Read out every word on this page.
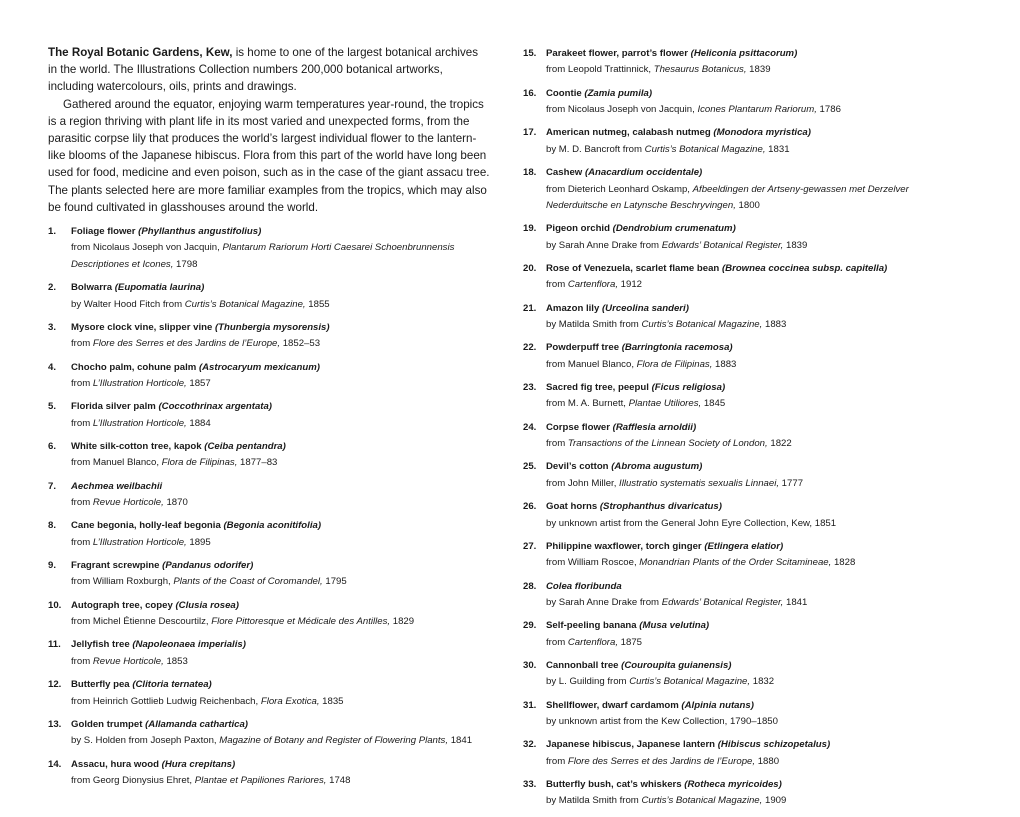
The Royal Botanic Gardens, Kew, is home to one of the largest botanical archives in the world. The Illustrations Collection numbers 200,000 botanical artworks, including watercolours, oils, prints and drawings.

Gathered around the equator, enjoying warm temperatures year-round, the tropics is a region thriving with plant life in its most varied and unexpected forms, from the parasitic corpse lily that produces the world’s largest individual flower to the lantern-like blooms of the Japanese hibiscus. Flora from this part of the world have long been used for food, medicine and even poison, such as in the case of the giant assacu tree. The plants selected here are more familiar examples from the tropics, which may also be found cultivated in glasshouses around the world.

1. Foliage flower (Phyllanthus angustifolius)
from Nicolaus Joseph von Jacquin, Plantarum Rariorum Horti Caesarei Schoenbrunnensis Descriptiones et Icones, 1798
2. Bolwarra (Eupomatia laurina)
by Walter Hood Fitch from Curtis’s Botanical Magazine, 1855
3. Mysore clock vine, slipper vine (Thunbergia mysorensis)
from Flore des Serres et des Jardins de l’Europe, 1852–53
4. Chocho palm, cohune palm (Astrocaryum mexicanum)
from L’Illustration Horticole, 1857
5. Florida silver palm (Coccothrinax argentata)
from L’Illustration Horticole, 1884
6. White silk-cotton tree, kapok (Ceiba pentandra)
from Manuel Blanco, Flora de Filipinas, 1877–83
7. Aechmea weilbachii
from Revue Horticole, 1870
8. Cane begonia, holly-leaf begonia (Begonia aconitifolia)
from L’Illustration Horticole, 1895
9. Fragrant screwpine (Pandanus odorifer)
from William Roxburgh, Plants of the Coast of Coromandel, 1795
10. Autograph tree, copey (Clusia rosea)
from Michel Étienne Descourtilz, Flore Pittoresque et Médicale des Antilles, 1829
11. Jellyfish tree (Napoleonaea imperialis)
from Revue Horticole, 1853
12. Butterfly pea (Clitoria ternatea)
from Heinrich Gottlieb Ludwig Reichenbach, Flora Exotica, 1835
13. Golden trumpet (Allamanda cathartica)
by S. Holden from Joseph Paxton, Magazine of Botany and Register of Flowering Plants, 1841
14. Assacu, hura wood (Hura crepitans)
from Georg Dionysius Ehret, Plantae et Papiliones Rariores, 1748
15. Parakeet flower, parrot’s flower (Heliconia psittacorum)
from Leopold Trattinnick, Thesaurus Botanicus, 1839
16. Coontie (Zamia pumila)
from Nicolaus Joseph von Jacquin, Icones Plantarum Rariorum, 1786
17. American nutmeg, calabash nutmeg (Monodora myristica)
by M. D. Bancroft from Curtis’s Botanical Magazine, 1831
18. Cashew (Anacardium occidentale)
from Dieterich Leonhard Oskamp, Afbeeldingen der Artseny-gewassen met Derzelver Nederduitsche en Latynsche Beschryvingen, 1800
19. Pigeon orchid (Dendrobium crumenatum)
by Sarah Anne Drake from Edwards’ Botanical Register, 1839
20. Rose of Venezuela, scarlet flame bean (Brownea coccinea subsp. capitella)
from Cartenflora, 1912
21. Amazon lily (Urceolina sanderi)
by Matilda Smith from Curtis’s Botanical Magazine, 1883
22. Powderpuff tree (Barringtonia racemosa)
from Manuel Blanco, Flora de Filipinas, 1883
23. Sacred fig tree, peepul (Ficus religiosa)
from M. A. Burnett, Plantae Utiliores, 1845
24. Corpse flower (Rafflesia arnoldii)
from Transactions of the Linnean Society of London, 1822
25. Devil’s cotton (Abroma augustum)
from John Miller, Illustratio systematis sexualis Linnaei, 1777
26. Goat horns (Strophanthus divaricatus)
by unknown artist from the General John Eyre Collection, Kew, 1851
27. Philippine waxflower, torch ginger (Etlingera elatior)
from William Roscoe, Monandrian Plants of the Order Scitamineae, 1828
28. Colea floribunda
by Sarah Anne Drake from Edwards’ Botanical Register, 1841
29. Self-peeling banana (Musa velutina)
from Cartenflora, 1875
30. Cannonball tree (Couroupita guianensis)
by L. Guilding from Curtis’s Botanical Magazine, 1832
31. Shellflower, dwarf cardamom (Alpinia nutans)
by unknown artist from the Kew Collection, 1790–1850
32. Japanese hibiscus, Japanese lantern (Hibiscus schizopetalus)
from Flore des Serres et des Jardins de l’Europe, 1880
33. Butterfly bush, cat’s whiskers (Rotheca myricoides)
by Matilda Smith from Curtis’s Botanical Magazine, 1909
